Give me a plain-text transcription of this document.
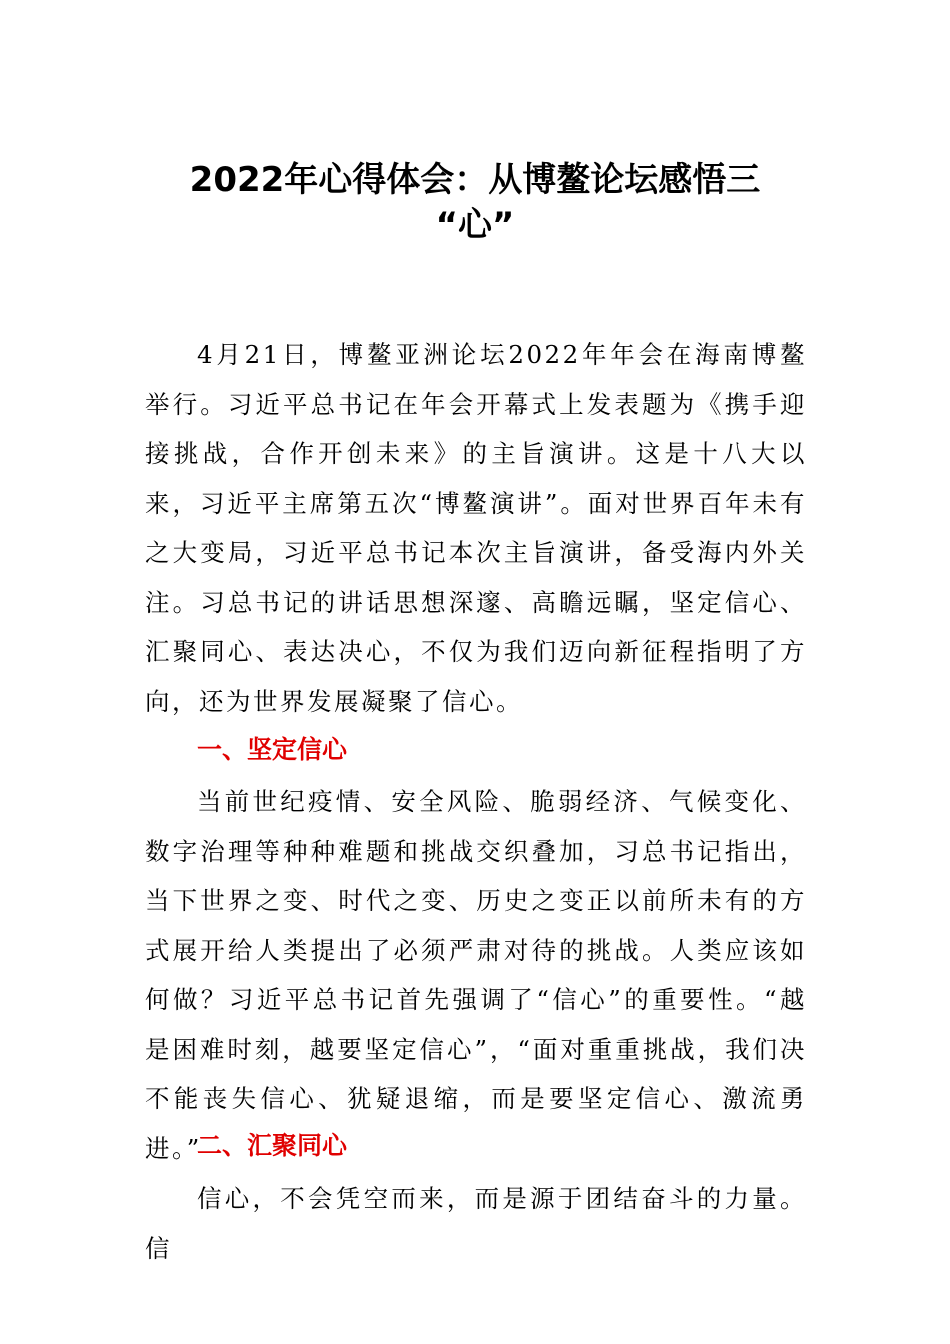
2022年心得体会：从博鳌论坛感悟三
“心”

4月21日，博鳌亚洲论坛2022年年会在海南博鳌举行。习近平总书记在年会开幕式上发表题为《携手迎接挑战，合作开创未来》的主旨演讲。这是十八大以来，习近平主席第五次“博鳌演讲”。面对世界百年未有之大变局，习近平总书记本次主旨演讲，备受海内外关注。习总书记的讲话思想深邃、高瞻远瞩，坚定信心、汇聚同心、表达决心，不仅为我们迈向新征程指明了方向，还为世界发展凝聚了信心。

一、坚定信心

当前世纪疫情、安全风险、脆弱经济、气候变化、数字治理等种种难题和挑战交织叠加，习总书记指出，当下世界之变、时代之变、历史之变正以前所未有的方式展开给人类提出了必须严肃对待的挑战。人类应该如何做？习近平总书记首先强调了“信心”的重要性。“越是困难时刻，越要坚定信心”，“面对重重挑战，我们决不能丧失信心、犹疑退缩，而是要坚定信心、激流勇进。”

二、汇聚同心

信心，不会凭空而来，而是源于团结奋斗的力量。信
